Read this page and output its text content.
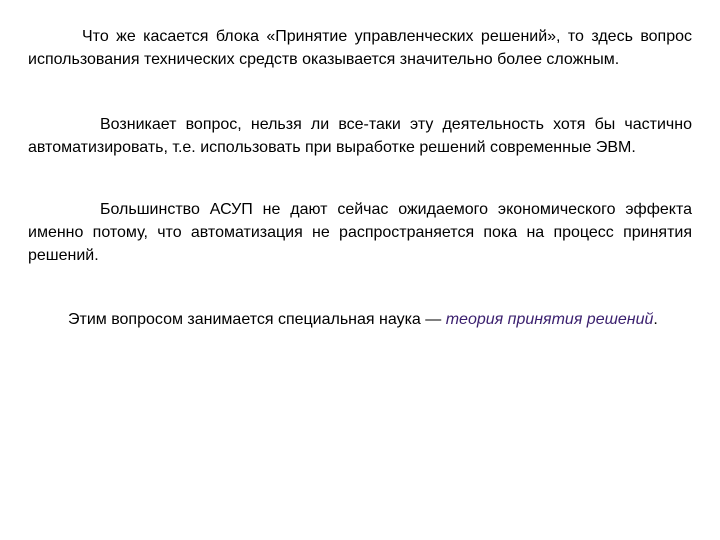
Что же касается блока «Принятие управленческих решений», то здесь вопрос использования технических средств оказывается значительно более сложным.

Возникает вопрос, нельзя ли все-таки эту деятельность хотя бы частично автоматизировать, т.е. использовать при выработке решений современные ЭВМ.

Большинство АСУП не дают сейчас ожидаемого экономического эффекта именно потому, что автоматизация не распространяется пока на процесс принятия решений.

Этим вопросом занимается специальная наука — теория принятия решений.
